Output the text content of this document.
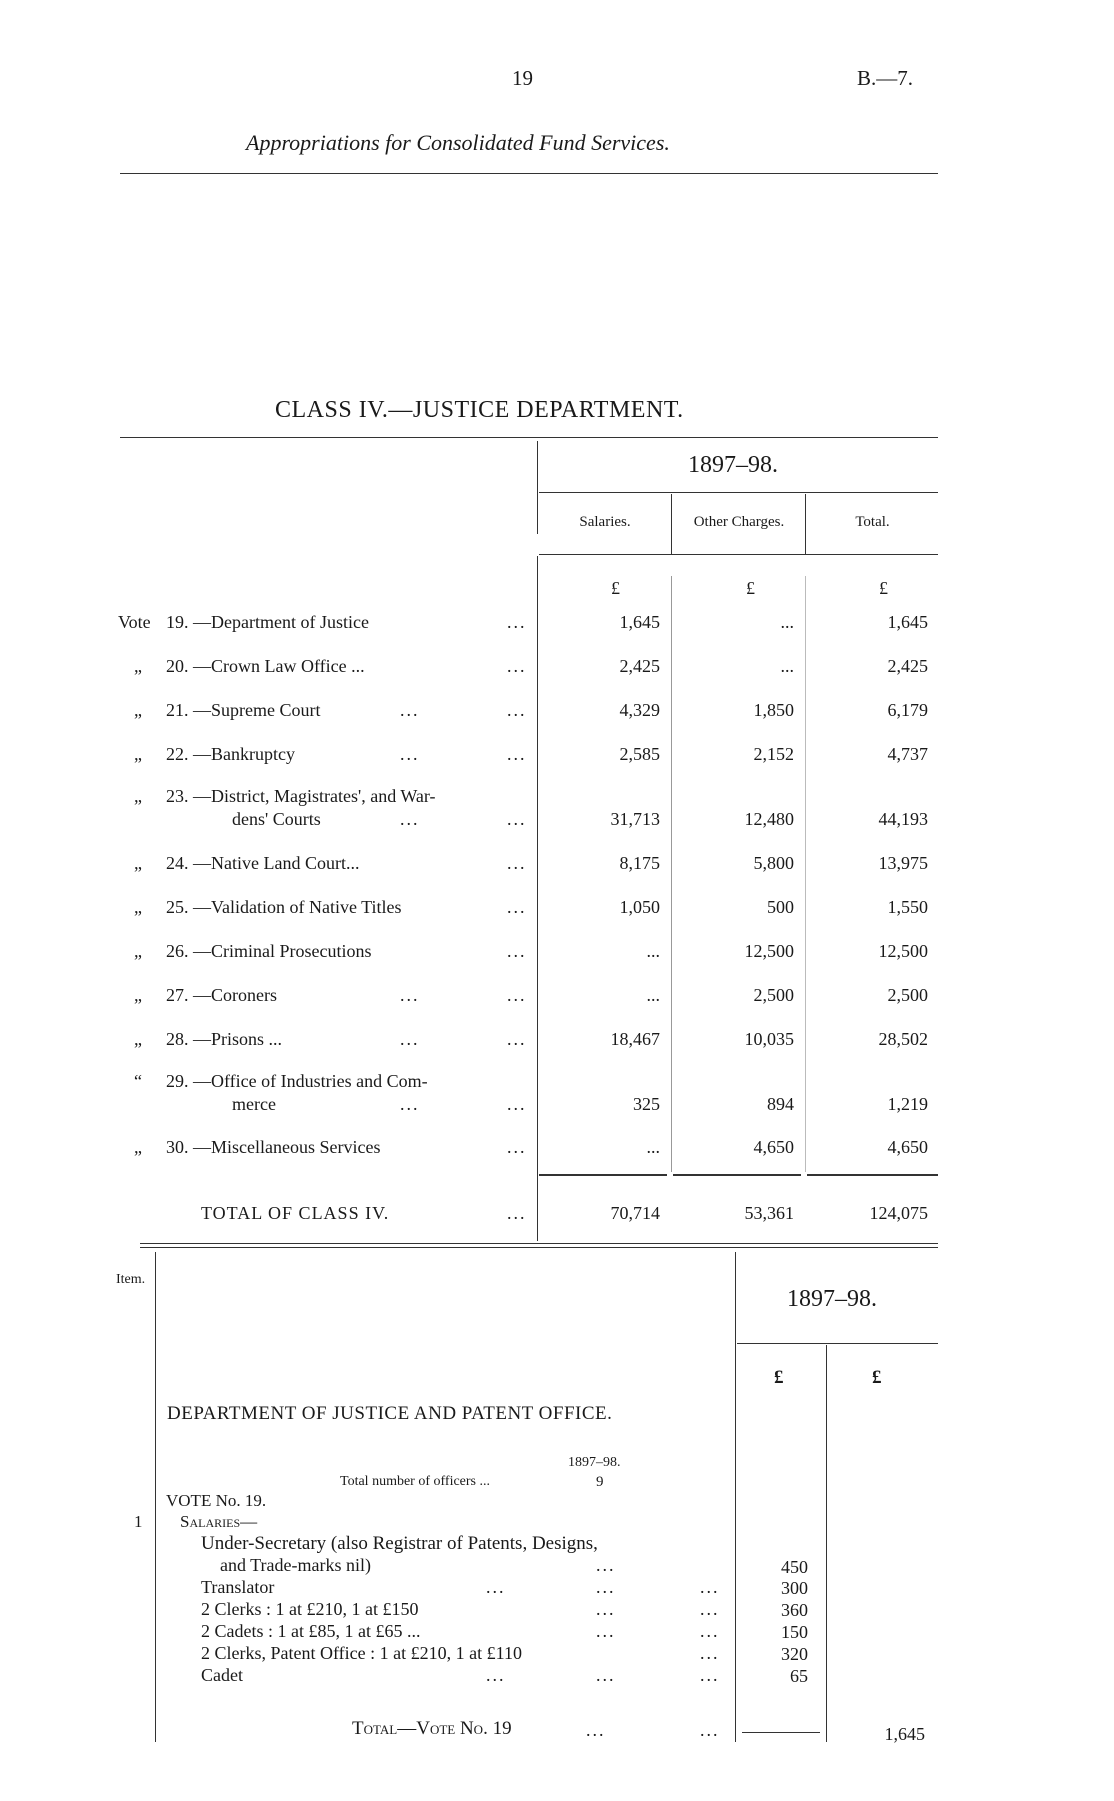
19	B.—7.
Appropriations for Consolidated Fund Services.
CLASS IV.—JUSTICE DEPARTMENT.
1897–98.
Salaries.	Other Charges.	Total.
£	£	£
Vote 19. —Department of Justice	...	1,645	...	1,645
„ 20. —Crown Law Office ...	...	2,425	...	2,425
„ 21. —Supreme Court	...	...	4,329	1,850	6,179
„ 22. —Bankruptcy	...	...	2,585	2,152	4,737
„ 23. —District, Magistrates', and War-
dens' Courts	...	...	31,713	12,480	44,193
„ 24. —Native Land Court...	...	8,175	5,800	13,975
„ 25. —Validation of Native Titles	...	1,050	500	1,550
„ 26. —Criminal Prosecutions	...	...	12,500	12,500
„ 27. —Coroners	...	...	...	2,500	2,500
„ 28. —Prisons ...	...	...	18,467	10,035	28,502
“ 29. —Office of Industries and Com-
merce	...	...	325	894	1,219
„ 30. —Miscellaneous Services	...	...	4,650	4,650
TOTAL OF CLASS IV.	...	70,714	53,361	124,075
Item.
1897–98.
£	£
DEPARTMENT OF JUSTICE AND PATENT OFFICE.
1897–98.
Total number of officers ...	9
VOTE No. 19.
1 Salaries—
Under-Secretary (also Registrar of Patents, Designs,
and Trade-marks nil)	...	450
Translator	...	...	...	300
2 Clerks : 1 at £210, 1 at £150	...	...	360
2 Cadets : 1 at £85, 1 at £65 ...	...	...	150
2 Clerks, Patent Office : 1 at £210, 1 at £110	...	320
Cadet	...	...	...	65
Total—Vote No. 19	...	...	1,645
